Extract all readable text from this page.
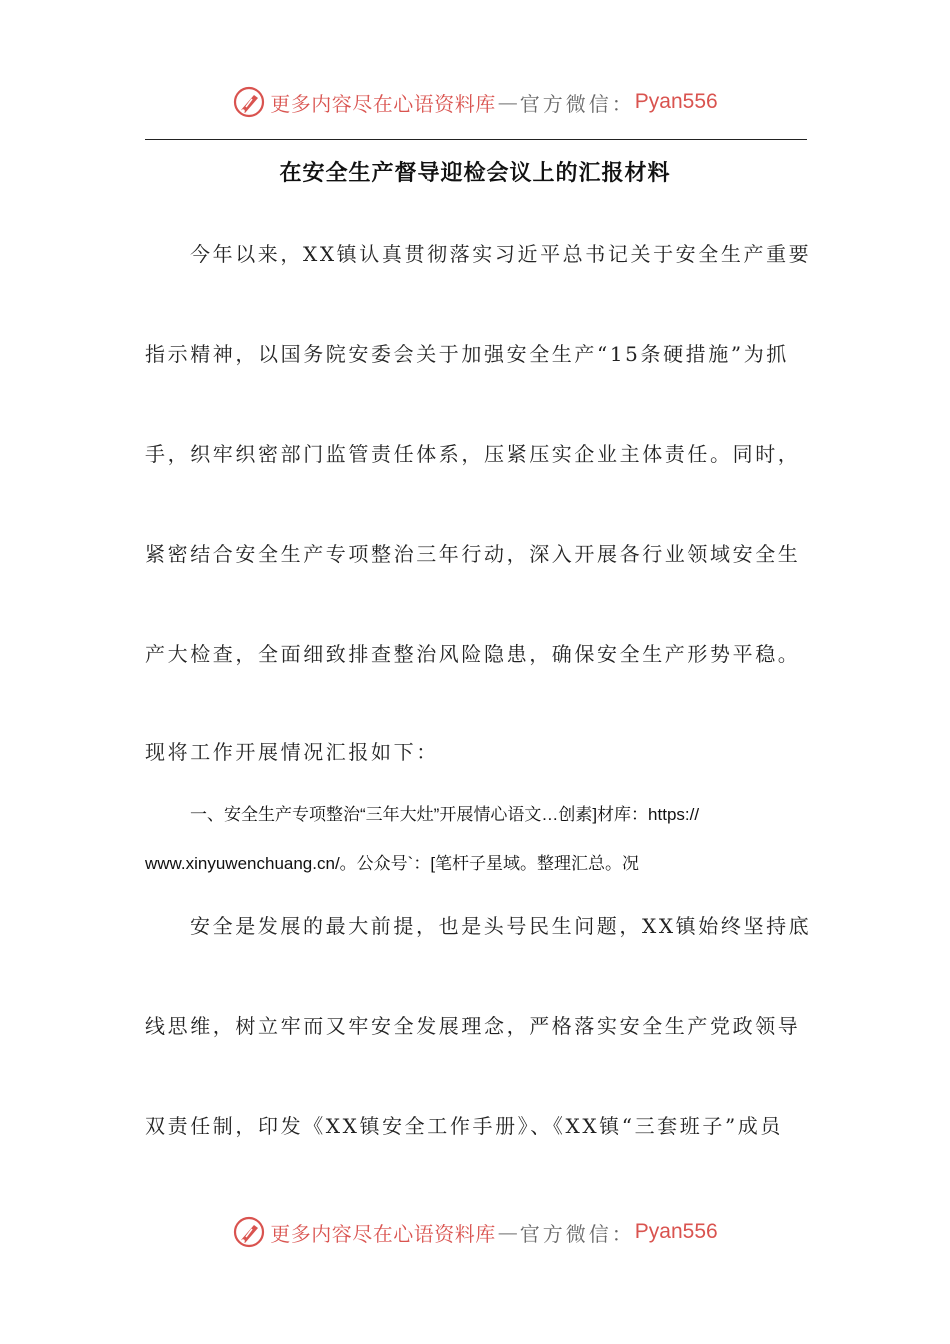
更多内容尽在心语资料库 — 官方微信： Pyan556
在安全生产督导迎检会议上的汇报材料
今年以来，XX镇认真贯彻落实习近平总书记关于安全生产重要
指示精神，以国务院安委会关于加强安全生产“15条硬措施”为抓
手，织牢织密部门监管责任体系，压紧压实企业主体责任。同时，
紧密结合安全生产专项整治三年行动，深入开展各行业领域安全生
产大检查，全面细致排查整治风险隐患，确保安全生产形势平稳。
现将工作开展情况汇报如下：
一、安全生产专项整治“三年大灶”开展情心语文…创素]材库：https://
www.xinyuwenchuang.cn/。公众号`：[笔杆子星域。整理汇总。况
安全是发展的最大前提，也是头号民生问题，XX镇始终坚持底
线思维，树立牢而又牢安全发展理念，严格落实安全生产党政领导
双责任制，印发《XX镇安全工作手册》、《XX镇“三套班子”成员
更多内容尽在心语资料库 — 官方微信： Pyan556
